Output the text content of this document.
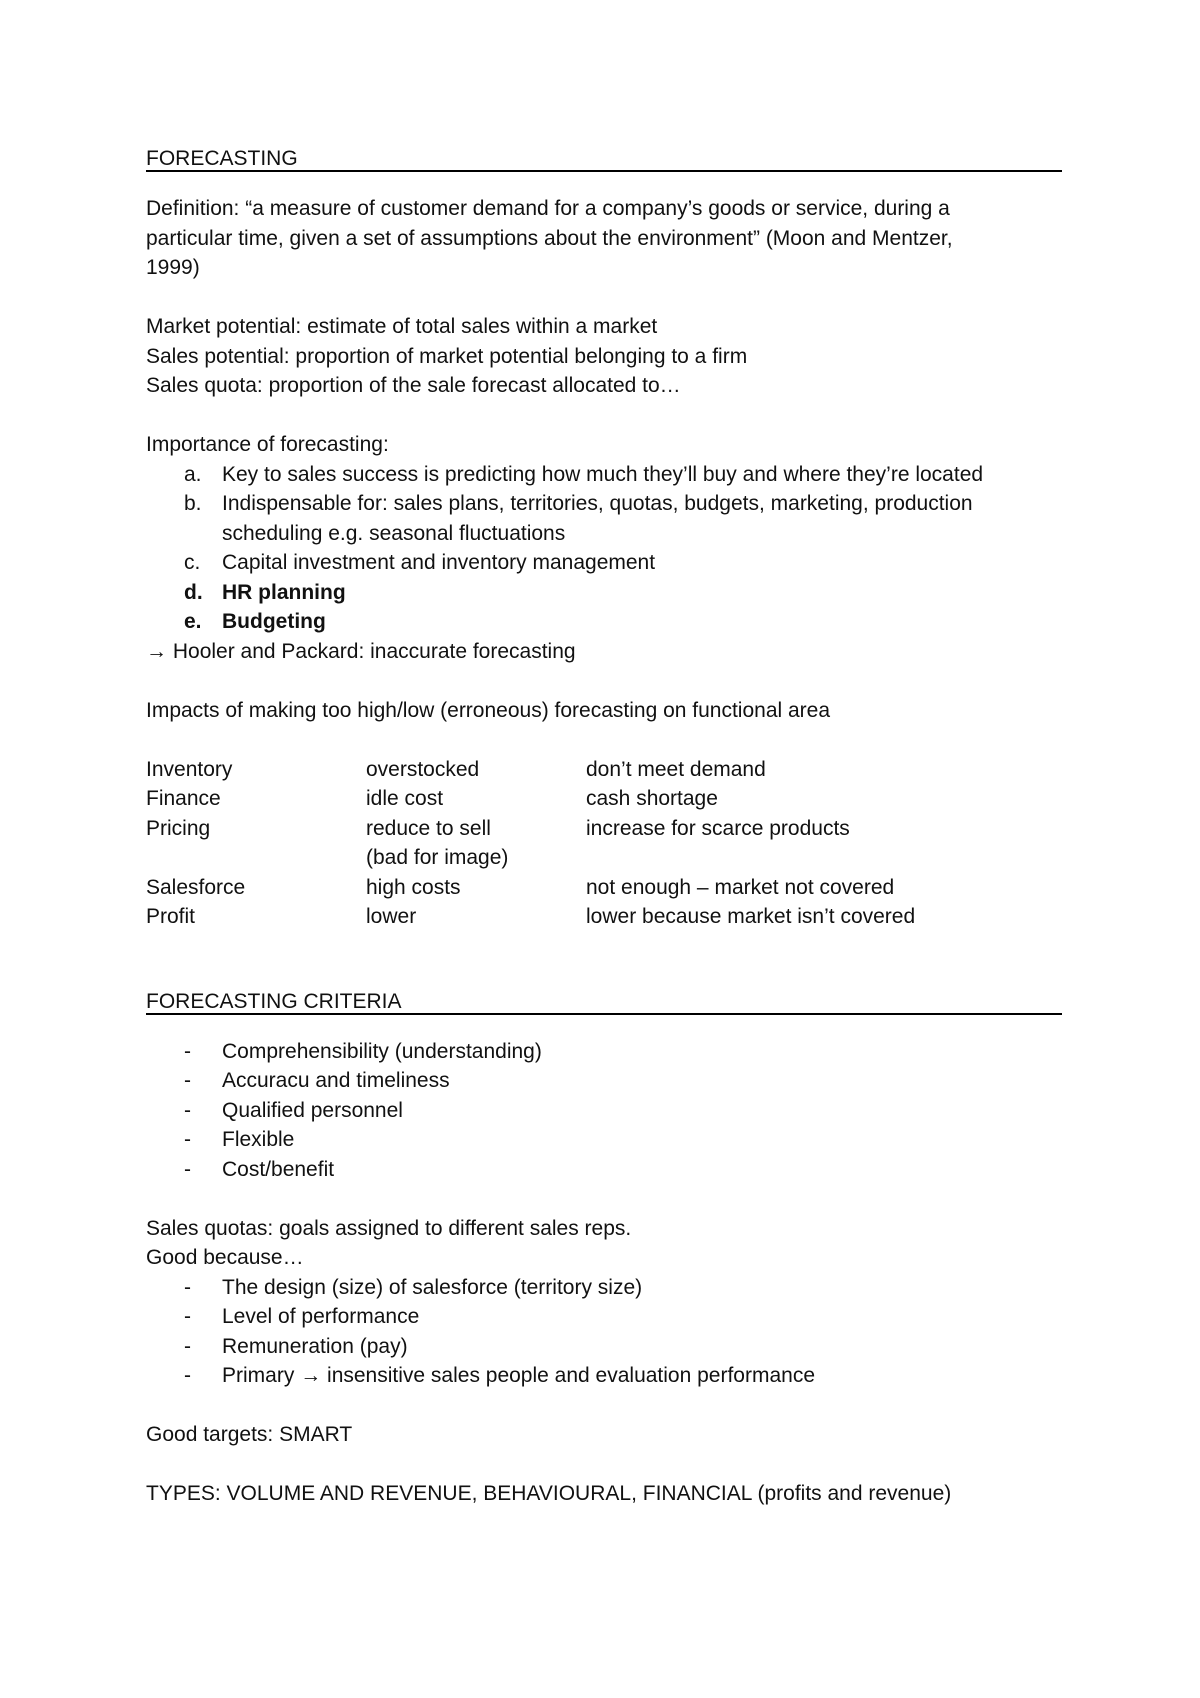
FORECASTING
Definition: “a measure of customer demand for a company’s goods or service, during a
particular time, given a set of assumptions about the environment” (Moon and Mentzer,
1999)
Market potential: estimate of total sales within a market
Sales potential: proportion of market potential belonging to a firm
Sales quota: proportion of the sale forecast allocated to…
Importance of forecasting:
a. Key to sales success is predicting how much they’ll buy and where they’re located
b. Indispensable for: sales plans, territories, quotas, budgets, marketing, production
scheduling e.g. seasonal fluctuations
c.	Capital investment and inventory management
d. HR planning
e. Budgeting
→ Hooler and Packard: inaccurate forecasting
Impacts of making too high/low (erroneous) forecasting on functional area
Inventory	overstocked	don’t meet demand
Finance	idle cost	cash shortage
Pricing	reduce to sell	increase for scarce products
	(bad for image)	
Salesforce	high costs	not enough – market not covered
Profit	lower	lower because market isn’t covered
FORECASTING CRITERIA
-	Comprehensibility (understanding)
-	Accuracu and timeliness
-	Qualified personnel
-	Flexible
-	Cost/benefit
Sales quotas: goals assigned to different sales reps.
Good because…
-	The design (size) of salesforce (territory size)
-	Level of performance
-	Remuneration (pay)
-	Primary → insensitive sales people and evaluation performance
Good targets: SMART
TYPES: VOLUME AND REVENUE, BEHAVIOURAL, FINANCIAL (profits and revenue)
